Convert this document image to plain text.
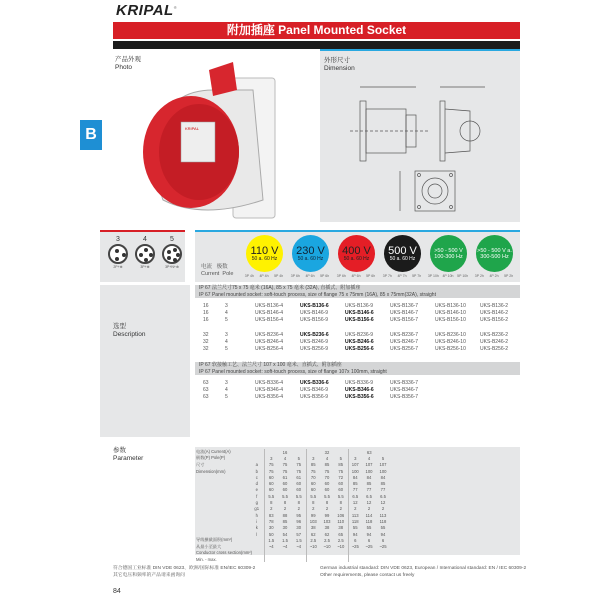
KRIPAL®
附加插座 Panel Mounted Socket
产品外观
Photo
KRIPAL
外形尺寸
Dimension
B
3
2P+⊕
4
3P+⊕
5
3P+N+⊕	电流 极数
Current Pole
110 V
50 a. 60 Hz
3P 4h 4P 4h 5P 4h
230 V
50 a. 60 Hz
3P 6h 4P 6h 5P 6h
400 V
50 a. 60 Hz
3P 6h 4P 6h 5P 6h
500 V
50 a. 60 Hz
3P 7h 4P 7h 5P 7h
>50 - 500 V 100-300 Hz
3P 10h 4P 10h 5P 10h
>50 - 500 V a. 300-500 Hz
3P 2h 4P 2h 5P 2h
选型
Description
参数
Parameter
电流(A) Current(A)		16			32			63		
极数(P) Pole(P)		3	4	5	3	4	5	3	4	5

尺寸	a	75	75	75	85	85	85	107	107	107

Dimension(mm)	b	75	75	75	75	75	75	100	100	100
	c	60	61	61	70	70	72	84	84	84
	d	60	60	60	60	60	60	85	85	85
	e	60	60	60	60	60	60	77	77	77
	f	5.5	5.5	5.5	5.5	5.5	5.5	6.5	6.5	6.5
	g	8	8	8	8	8	8	12	12	12
	g1	2	2	2	2	2	2	2	2	2
	h	83	88	95	99	99	106	113	114	113
	i	78	85	96	103	103	110	118	118	118
	k	30	30	30	38	38	38	55	55	55
	l	50	54	57	62	62	65	94	94	94
导线横截面积(mm²)		1.5	1.5	1.5	2.5	2.5	2.5	6	6	6
从最小至最大		~4	~4	~4	~10	~10	~10	~25	~25	~25
Conductor cross section(mm²)										
Min. - max.										
符合德国工业标准 DIN VDE 0623、欧洲/国际标准 EN/IEC 60309-2
其它电压和频率的产品请来函询问
German industrial standard: DIN VDE 0623, European / International standard: EN / IEC 60309-2
Other requirements, please contact us freely
84
IP 67 法兰尺寸75 x 75 毫米 (16A), 85 x 75 毫米 (32A), 直插式、附加插座
IP 67 Panel mounted socket: soft-touch process, size of flange 75 x 75mm (16A), 85 x 75mm(32A), straight
16	3	UKS-B136-4	UKS-B136-6	UKS-B136-9	UKS-B136-7	UKS-B136-10	UKS-B136-2
16	4	UKS-B146-4	UKS-B146-9	UKS-B146-6	UKS-B146-7	UKS-B146-10	UKS-B146-2
16	5	UKS-B156-4	UKS-B156-9	UKS-B156-6	UKS-B156-7	UKS-B156-10	UKS-B156-2
32	3	UKS-B236-4	UKS-B236-6	UKS-B236-9	UKS-B236-7	UKS-B236-10	UKS-B236-2
32	4	UKS-B246-4	UKS-B246-9	UKS-B246-6	UKS-B246-7	UKS-B246-10	UKS-B246-2
32	5	UKS-B256-4	UKS-B256-9	UKS-B256-6	UKS-B256-7	UKS-B256-10	UKS-B256-2
IP 67 软接触工艺、法兰尺寸 107 x 100 毫米、直插式、附加插座
IP 67 Panel mounted socket: soft-touch process, size of flange 107x 100mm, straight
63	3	UKS-B336-4	UKS-B336-6	UKS-B336-9	UKS-B336-7
63	4	UKS-B346-4	UKS-B346-9	UKS-B346-6	UKS-B346-7
63	5	UKS-B356-4	UKS-B356-9	UKS-B356-6	UKS-B356-7
